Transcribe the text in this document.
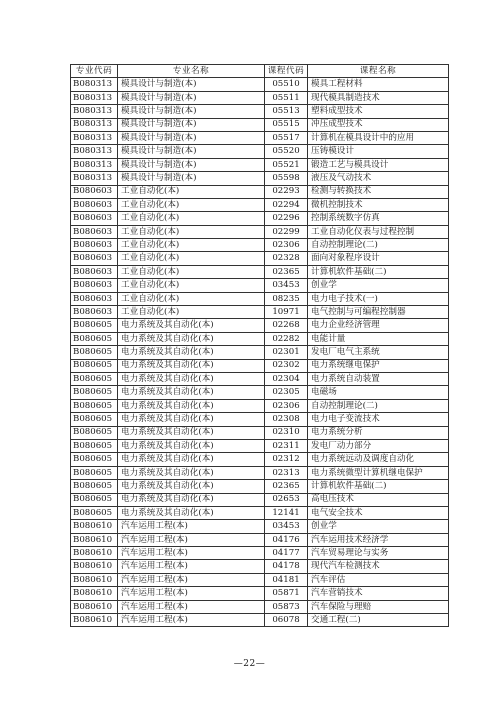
专业代码	专业名称	课程代码	课程名称
B080313	模具设计与制造(本)	05510	模具工程材料
B080313	模具设计与制造(本)	05511	现代模具制造技术
B080313	模具设计与制造(本)	05513	塑料成型技术
B080313	模具设计与制造(本)	05515	冲压成型技术
B080313	模具设计与制造(本)	05517	计算机在模具设计中的应用
B080313	模具设计与制造(本)	05520	压铸模设计
B080313	模具设计与制造(本)	05521	锻造工艺与模具设计
B080313	模具设计与制造(本)	05598	液压及气动技术
B080603	工业自动化(本)	02293	检测与转换技术
B080603	工业自动化(本)	02294	微机控制技术
B080603	工业自动化(本)	02296	控制系统数字仿真
B080603	工业自动化(本)	02299	工业自动化仪表与过程控制
B080603	工业自动化(本)	02306	自动控制理论(二)
B080603	工业自动化(本)	02328	面向对象程序设计
B080603	工业自动化(本)	02365	计算机软件基础(二)
B080603	工业自动化(本)	03453	创业学
B080603	工业自动化(本)	08235	电力电子技术(一)
B080603	工业自动化(本)	10971	电气控制与可编程控制器
B080605	电力系统及其自动化(本)	02268	电力企业经济管理
B080605	电力系统及其自动化(本)	02282	电能计量
B080605	电力系统及其自动化(本)	02301	发电厂电气主系统
B080605	电力系统及其自动化(本)	02302	电力系统继电保护
B080605	电力系统及其自动化(本)	02304	电力系统自动装置
B080605	电力系统及其自动化(本)	02305	电磁场
B080605	电力系统及其自动化(本)	02306	自动控制理论(二)
B080605	电力系统及其自动化(本)	02308	电力电子变流技术
B080605	电力系统及其自动化(本)	02310	电力系统分析
B080605	电力系统及其自动化(本)	02311	发电厂动力部分
B080605	电力系统及其自动化(本)	02312	电力系统远动及调度自动化
B080605	电力系统及其自动化(本)	02313	电力系统微型计算机继电保护
B080605	电力系统及其自动化(本)	02365	计算机软件基础(二)
B080605	电力系统及其自动化(本)	02653	高电压技术
B080605	电力系统及其自动化(本)	12141	电气安全技术
B080610	汽车运用工程(本)	03453	创业学
B080610	汽车运用工程(本)	04176	汽车运用技术经济学
B080610	汽车运用工程(本)	04177	汽车贸易理论与实务
B080610	汽车运用工程(本)	04178	现代汽车检测技术
B080610	汽车运用工程(本)	04181	汽车评估
B080610	汽车运用工程(本)	05871	汽车营销技术
B080610	汽车运用工程(本)	05873	汽车保险与理赔
B080610	汽车运用工程(本)	06078	交通工程(二)
—22—
